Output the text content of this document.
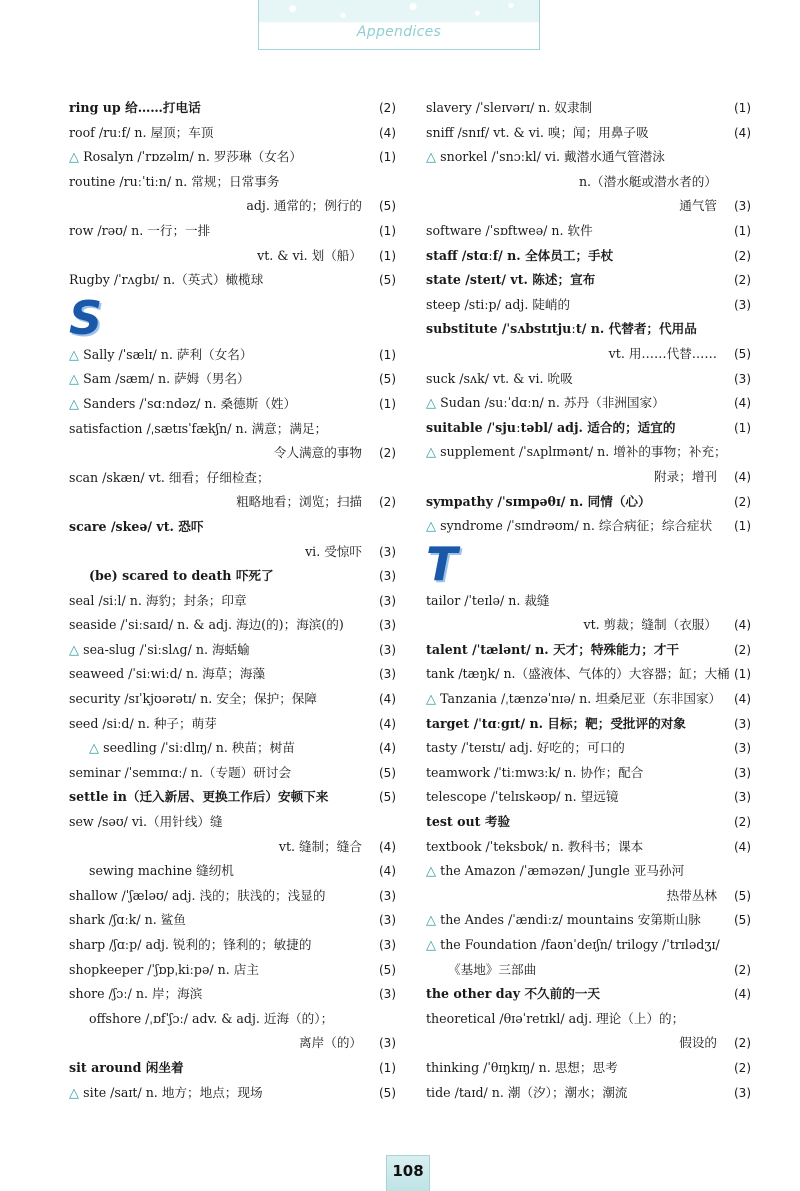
Appendices
ring up 给……打电话	(2)
roof /ruːf/ n. 屋顶；车顶	(4)
△ Rosalyn /ˈrɒzəlɪn/ n. 罗莎琳（女名）	(1)
routine /ruːˈtiːn/ n. 常规；日常事务
adj. 通常的；例行的 (5)
row /rəʊ/ n. 一行；一排	(1)
vt. & vi. 划（船） (1)
Rugby /ˈrʌgbɪ/ n.（英式）橄榄球	(5)
S
△ Sally /ˈsælɪ/ n. 萨利（女名）	(1)
△ Sam /sæm/ n. 萨姆（男名）	(5)
△ Sanders /ˈsɑːndəz/ n. 桑德斯（姓）	(1)
satisfaction /ˌsætɪsˈfækʃn/ n. 满意；满足；
令人满意的事物 (2)
scan /skæn/ vt. 细看；仔细检查；
粗略地看；浏览；扫描 (2)
scare /skeə/ vt. 恐吓
vi. 受惊吓 (3)
(be) scared to death 吓死了	(3)
seal /siːl/ n. 海豹；封条；印章	(3)
seaside /ˈsiːsaɪd/ n. & adj. 海边(的)；海滨(的)	(3)
△ sea-slug /ˈsiːslʌg/ n. 海蛞蝓	(3)
seaweed /ˈsiːwiːd/ n. 海草；海藻	(3)
security /sɪˈkjʊərətɪ/ n. 安全；保护；保障	(4)
seed /siːd/ n. 种子；萌芽	(4)
△ seedling /ˈsiːdlɪŋ/ n. 秧苗；树苗	(4)
seminar /ˈsemɪnɑː/ n.（专题）研讨会	(5)
settle in（迁入新居、更换工作后）安顿下来	(5)
sew /səʊ/ vi.（用针线）缝
vt. 缝制；缝合 (4)
sewing machine 缝纫机	(4)
shallow /ˈʃæləʊ/ adj. 浅的；肤浅的；浅显的	(3)
shark /ʃɑːk/ n. 鲨鱼	(3)
sharp /ʃɑːp/ adj. 锐利的；锋利的；敏捷的	(3)
shopkeeper /ˈʃɒpˌkiːpə/ n. 店主	(5)
shore /ʃɔː/ n. 岸；海滨	(3)
offshore /ˌɒfˈʃɔː/ adv. & adj. 近海（的）；
离岸（的） (3)
sit around 闲坐着	(1)
△ site /saɪt/ n. 地方；地点；现场	(5)
slavery /ˈsleɪvərɪ/ n. 奴隶制	(1)
sniff /snɪf/ vt. & vi. 嗅；闻；用鼻子吸	(4)
△ snorkel /ˈsnɔːkl/ vi. 戴潜水通气管潜泳
n.（潜水艇或潜水者的）
通气管 (3)
software /ˈsɒftweə/ n. 软件	(1)
staff /stɑːf/ n. 全体员工；手杖	(2)
state /steɪt/ vt. 陈述；宣布	(2)
steep /stiːp/ adj. 陡峭的	(3)
substitute /ˈsʌbstɪtjuːt/ n. 代替者；代用品
vt. 用……代替…… (5)
suck /sʌk/ vt. & vi. 吮吸	(3)
△ Sudan /suːˈdɑːn/ n. 苏丹（非洲国家）	(4)
suitable /ˈsjuːtəbl/ adj. 适合的；适宜的	(1)
△ supplement /ˈsʌplɪmənt/ n. 增补的事物；补充；
附录；增刊 (4)
sympathy /ˈsɪmpəθɪ/ n. 同情（心）	(2)
△ syndrome /ˈsɪndrəʊm/ n. 综合病征；综合症状 (1)
T
tailor /ˈteɪlə/ n. 裁缝
vt. 剪裁；缝制（衣服） (4)
talent /ˈtælənt/ n. 天才；特殊能力；才干	(2)
tank /tæŋk/ n.（盛液体、气体的）大容器；缸；大桶 (1)
△ Tanzania /ˌtænzəˈnɪə/ n. 坦桑尼亚（东非国家） (4)
target /ˈtɑːgɪt/ n. 目标；靶；受批评的对象	(3)
tasty /ˈteɪstɪ/ adj. 好吃的；可口的	(3)
teamwork /ˈtiːmwɜːk/ n. 协作；配合	(3)
telescope /ˈtelɪskəʊp/ n. 望远镜	(3)
test out 考验	(2)
textbook /ˈteksbʊk/ n. 教科书；课本	(4)
△ the Amazon /ˈæməzən/ Jungle 亚马孙河
热带丛林 (5)
△ the Andes /ˈændiːz/ mountains 安第斯山脉	(5)
△ the Foundation /faʊnˈdeɪʃn/ trilogy /ˈtrɪlədʒɪ/
《基地》三部曲	(2)
the other day 不久前的一天	(4)
theoretical /θɪəˈretɪkl/ adj. 理论（上）的；
假设的 (2)
thinking /ˈθɪŋkɪŋ/ n. 思想；思考	(2)
tide /taɪd/ n. 潮（汐）；潮水；潮流	(3)
108
